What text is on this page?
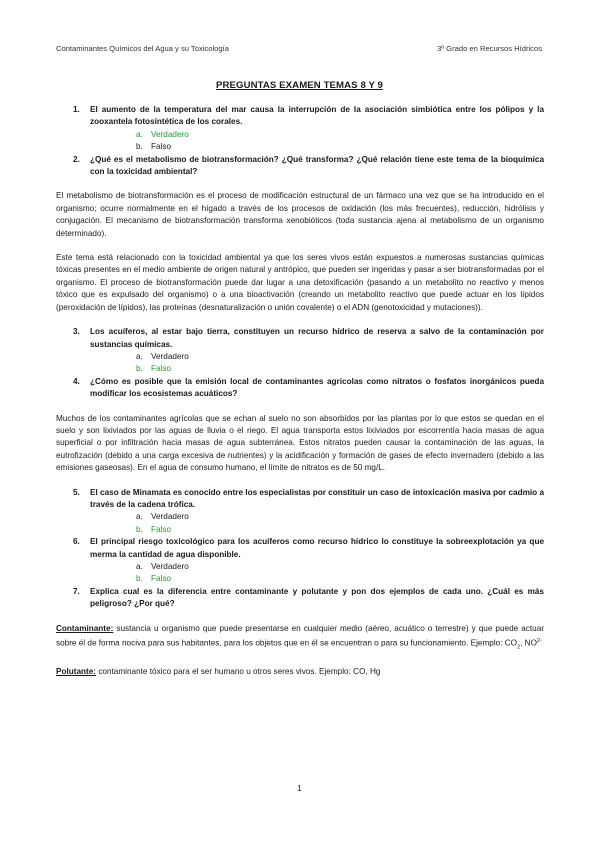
Contaminantes Químicos del Agua y su Toxicología	3º Grado en Recursos Hídricos
PREGUNTAS EXAMEN TEMAS 8 Y 9
1. El aumento de la temperatura del mar causa la interrupción de la asociación simbiótica entre los pólipos y la zooxantela fotosintética de los corales.
a. Verdadero
b. Falso
2. ¿Qué es el metabolismo de biotransformación? ¿Qué transforma? ¿Qué relación tiene este tema de la bioquímica con la toxicidad ambiental?

El metabolismo de biotransformación es el proceso de modificación estructural de un fármaco una vez que se ha introducido en el organismo; ocurre normalmente en el hígado a través de los procesos de oxidación (los más frecuentes), reducción, hidrólisis y conjugación. El mecanismo de biotransformación transforma xenobióticos (toda sustancia ajena al metabolismo de un organismo determinado).

Este tema está relacionado con la toxicidad ambiental ya que los seres vivos están expuestos a numerosas sustancias químicas tóxicas presentes en el medio ambiente de origen natural y antrópico, que pueden ser ingeridas y pasar a ser biotransformadas por el organismo. El proceso de biotransformación puede dar lugar a una detoxificación (pasando a un metabolito no reactivo y menos tóxico que es expulsado del organismo) o a una bioactivación (creando un metabolito reactivo que puede actuar en los lípidos (peroxidación de lípidos), las proteínas (desnaturalización o unión covalente) o el ADN (genotoxicidad y mutaciones)).

3. Los acuíferos, al estar bajo tierra, constituyen un recurso hídrico de reserva a salvo de la contaminación por sustancias químicas.
a. Verdadero
b. Falso
4. ¿Cómo es posible que la emisión local de contaminantes agrícolas como nitratos o fosfatos inorgánicos pueda modificar los ecosistemas acuáticos?

Muchos de los contaminantes agrícolas que se echan al suelo no son absorbidos por las plantas por lo que estos se quedan en el suelo y son lixiviados por las aguas de lluvia o el riego. El agua transporta estos lixiviados por escorrentía hacia masas de agua superficial o por infiltración hacia masas de agua subterránea. Estos nitratos pueden causar la contaminación de las aguas, la eutrofización (debido a una carga excesiva de nutrientes) y la acidificación y formación de gases de efecto invernadero (debido a las emisiones gaseosas). En el agua de consumo humano, el límite de nitratos es de 50 mg/L.

5. El caso de Minamata es conocido entre los especialistas por constituir un caso de intoxicación masiva por cadmio a través de la cadena trófica.
a. Verdadero
b. Falso
6. El principal riesgo toxicológico para los acuíferos como recurso hídrico lo constituye la sobreexplotación ya que merma la cantidad de agua disponible.
a. Verdadero
b. Falso
7. Explica cual es la diferencia entre contaminante y polutante y pon dos ejemplos de cada uno. ¿Cuál es más peligroso? ¿Por qué?

Contaminante: sustancia u organismo que puede presentarse en cualquier medio (aéreo, acuático o terrestre) y que puede actuar sobre él de forma nociva para sus habitantes, para los objetos que en él se encuentran o para su funcionamiento. Ejemplo: $CO_2$, $NO^{2-}$

Polutante: contaminante tóxico para el ser humano u otros seres vivos. Ejemplo: CO, Hg

1
